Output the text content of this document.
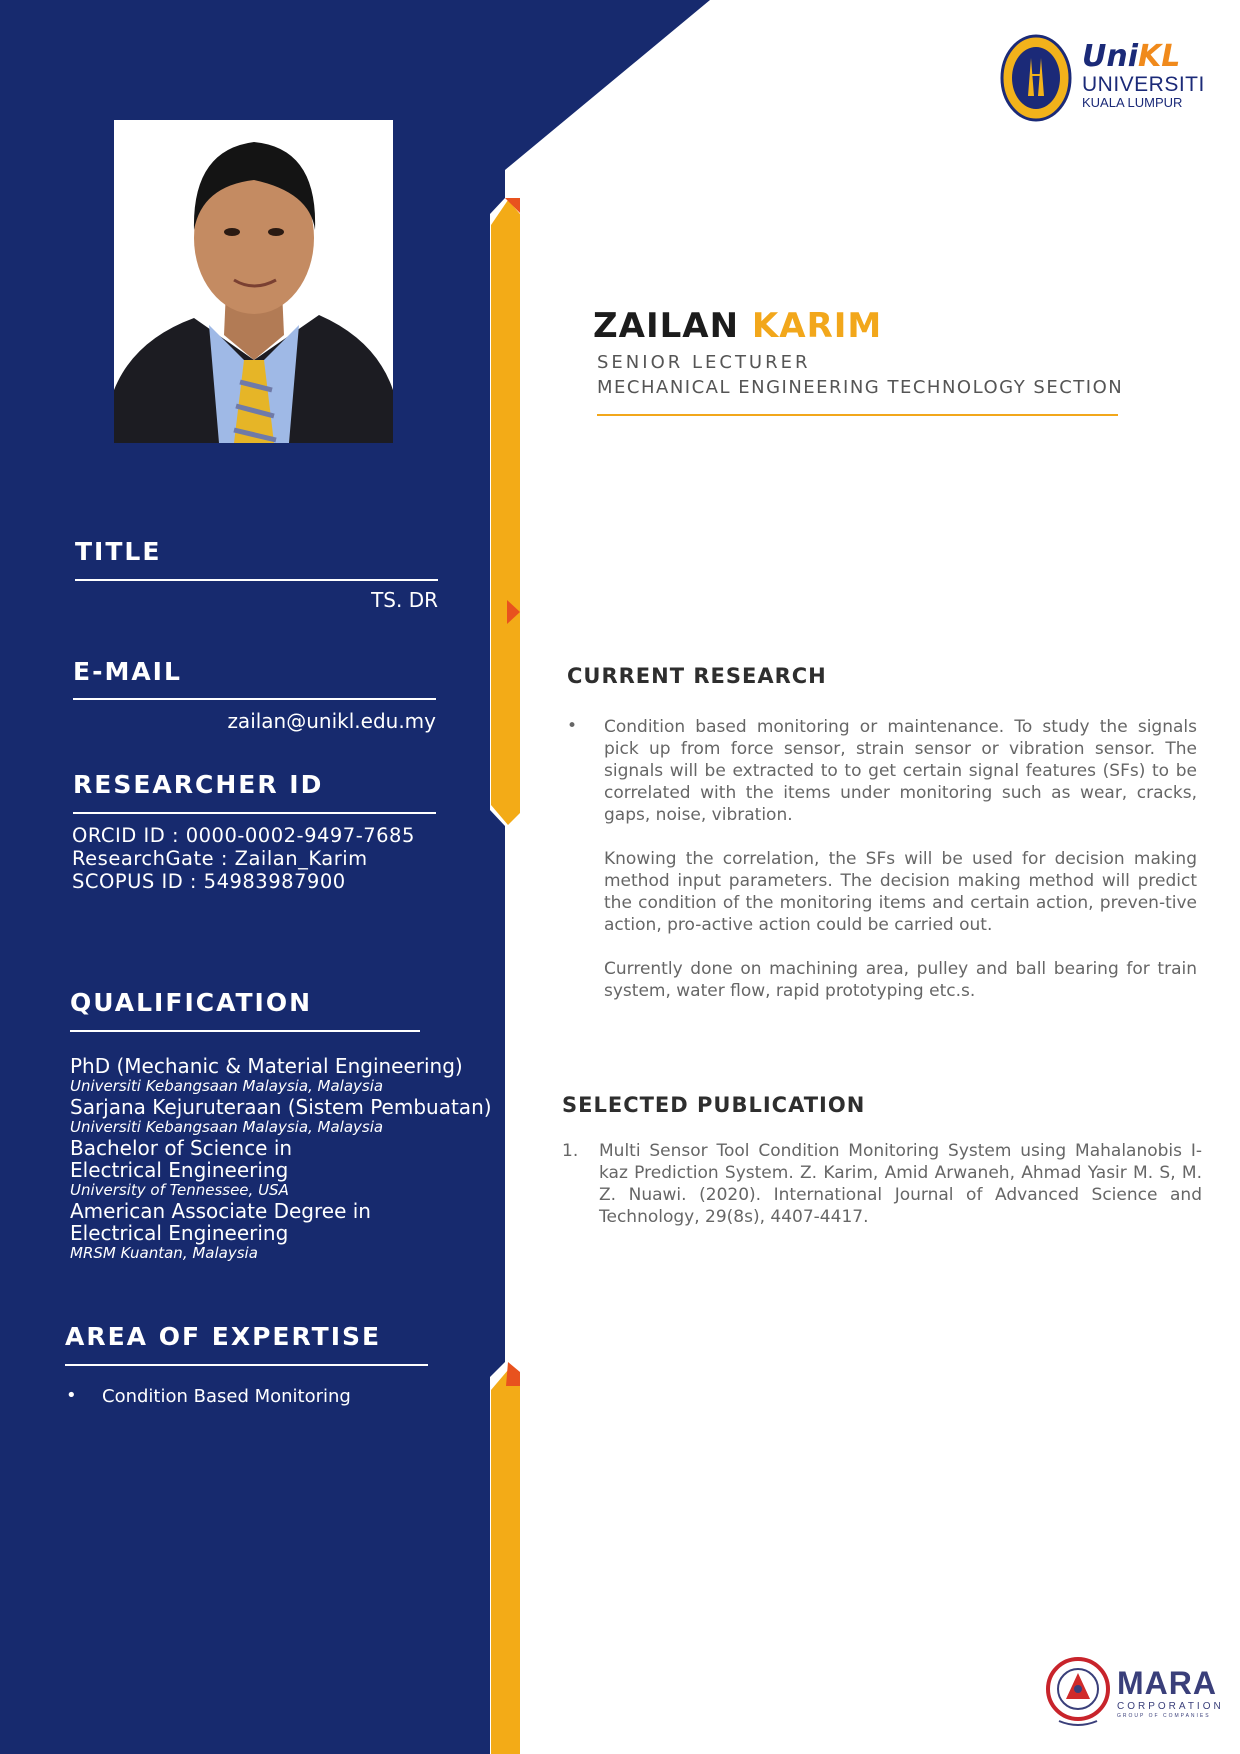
UniKL
UNIVERSITI
KUALA LUMPUR
ZAILAN KARIM
SENIOR LECTURER
MECHANICAL ENGINEERING TECHNOLOGY SECTION
TITLE
TS. DR
E-MAIL
zailan@unikl.edu.my
RESEARCHER ID
ORCID ID : 0000-0002-9497-7685
ResearchGate : Zailan_Karim
SCOPUS ID : 54983987900
QUALIFICATION
PhD (Mechanic & Material Engineering)
Universiti Kebangsaan Malaysia, Malaysia
Sarjana Kejuruteraan (Sistem Pembuatan)
Universiti Kebangsaan Malaysia, Malaysia
Bachelor of Science in
Electrical Engineering
University of Tennessee, USA
American Associate Degree in
Electrical Engineering
MRSM Kuantan, Malaysia
AREA OF EXPERTISE
• Condition Based Monitoring
CURRENT RESEARCH
• Condition based monitoring or maintenance. To study the signals pick up from force sensor, strain sensor or vibration sensor. The signals will be extracted to to get certain signal features (SFs) to be correlated with the items under monitoring such as wear, cracks, gaps, noise, vibration.
Knowing the correlation, the SFs will be used for decision making method input parameters. The decision making method will predict the condition of the monitoring items and certain action, preven-tive action, pro-active action could be carried out.
Currently done on machining area, pulley and ball bearing for train system, water flow, rapid prototyping etc.s.
SELECTED PUBLICATION
1. Multi Sensor Tool Condition Monitoring System using Mahalanobis I-kaz Prediction System. Z. Karim, Amid Arwaneh, Ahmad Yasir M. S, M. Z. Nuawi. (2020). International Journal of Advanced Science and Technology, 29(8s), 4407-4417.
MARA
CORPORATION
GROUP OF COMPANIES
